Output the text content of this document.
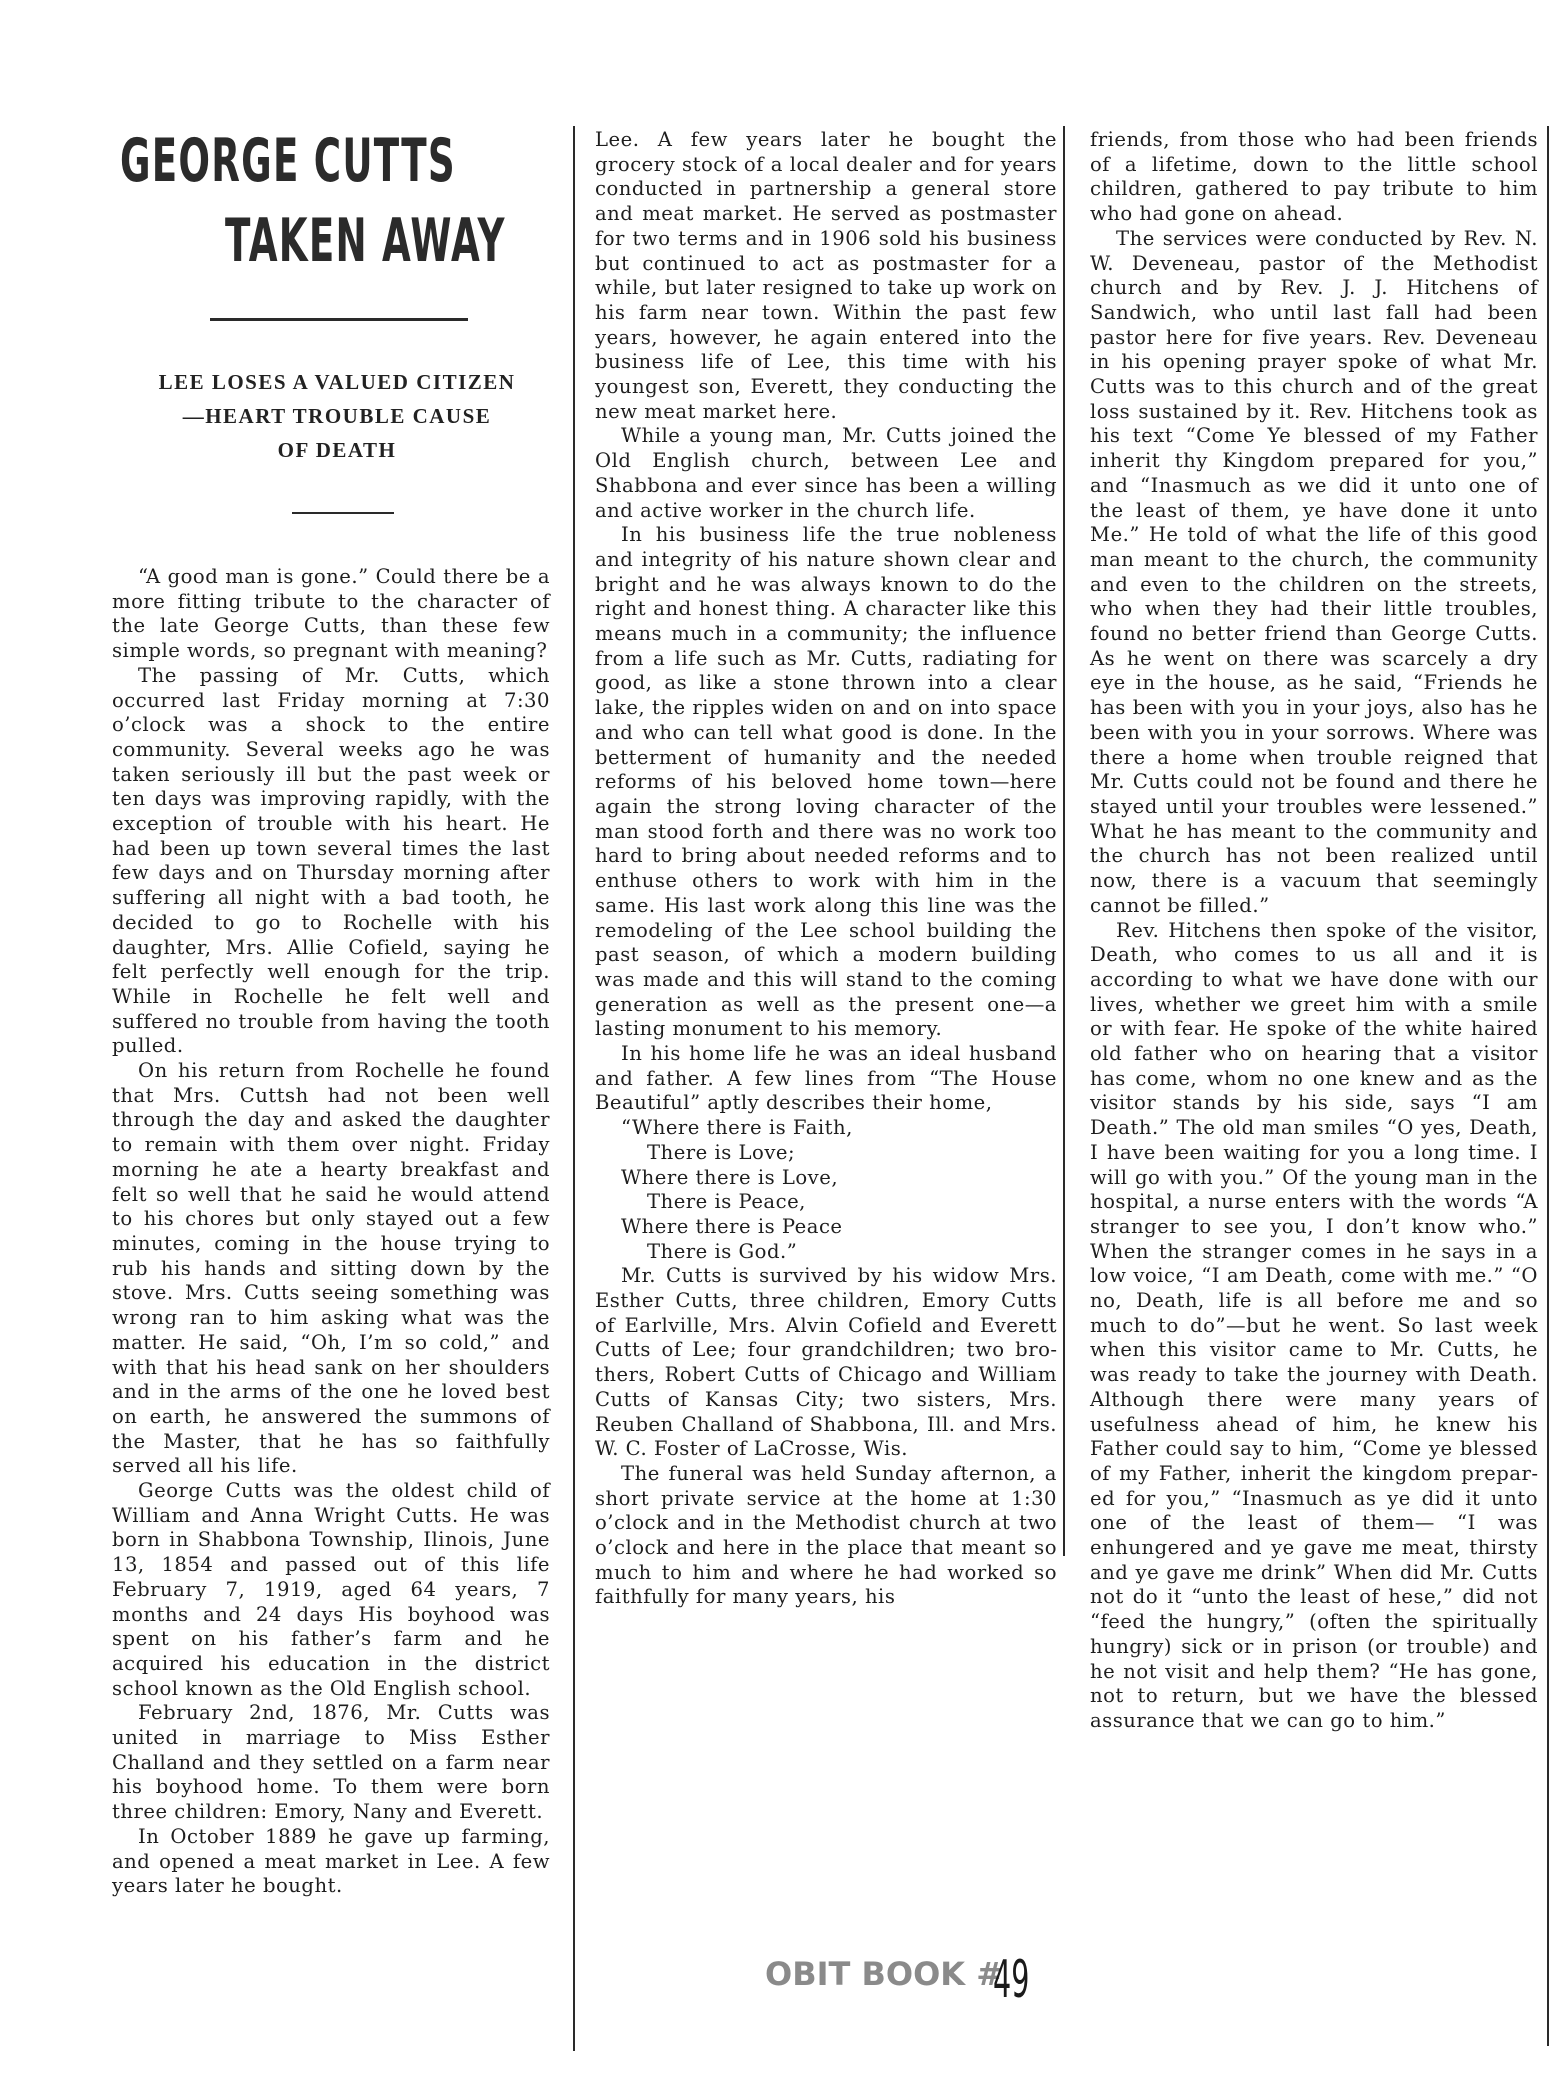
GEORGE CUTTS
TAKEN AWAY
LEE LOSES A VALUED CITIZEN
—HEART TROUBLE CAUSE
OF DEATH

“A good man is gone.” Could there be a more fitting tribute to the character of the late George Cutts, than these few simple words, so pregnant with meaning?

The passing of Mr. Cutts, which occurred last Friday morning at 7:30 o’clock was a shock to the entire community. Several weeks ago he was taken seriously ill but the past week or ten days was improving rapidly, with the exception of trouble with his heart. He had been up town several times the last few days and on Thursday morning after suffering all night with a bad tooth, he decided to go to Rochelle with his daughter, Mrs. Allie Cofield, saying he felt perfectly well enough for the trip. While in Rochelle he felt well and suffered no trouble from having the tooth pulled.

On his return from Rochelle he found that Mrs. Cuttsh had not been well through the day and asked the daughter to remain with them over night. Friday morning he ate a hearty breakfast and felt so well that he said he would attend to his chores but only stayed out a few minutes, coming in the house trying to rub his hands and sitting down by the stove. Mrs. Cutts seeing something was wrong ran to him asking what was the matter. He said, “Oh, I’m so cold,” and with that his head sank on her shoulders and in the arms of the one he loved best on earth, he answered the summons of the Master, that he has so faithfully served all his life.

George Cutts was the oldest child of William and Anna Wright Cutts. He was born in Shabbona Township, Ilinois, June 13, 1854 and passed out of this life February 7, 1919, aged 64 years, 7 months and 24 days His boyhood was spent on his father’s farm and he acquired his education in the district school known as the Old English school.

February 2nd, 1876, Mr. Cutts was united in marriage to Miss Esther Challand and they settled on a farm near his boyhood home. To them were born three children: Emory, Nany and Everett.

In October 1889 he gave up farming, and opened a meat market in Lee. A few years later he bought.

Lee. A few years later he bought the grocery stock of a local dealer and for years conducted in partnership a general store and meat market. He served as postmaster for two terms and in 1906 sold his business but continued to act as postmaster for a while, but later resigned to take up work on his farm near town. Within the past few years, however, he again entered into the business life of Lee, this time with his youngest son, Everett, they conducting the new meat market here.

While a young man, Mr. Cutts joined the Old English church, between Lee and Shabbona and ever since has been a willing and active worker in the church life.

In his business life the true nobleness and integrity of his nature shown clear and bright and he was always known to do the right and honest thing. A character like this means much in a community; the influence from a life such as Mr. Cutts, radiating for good, as like a stone thrown into a clear lake, the ripples widen on and on into space and who can tell what good is done. In the betterment of humanity and the needed reforms of his beloved home town—here again the strong loving character of the man stood forth and there was no work too hard to bring about needed reforms and to enthuse others to work with him in the same. His last work along this line was the remodeling of the Lee school building the past season, of which a modern building was made and this will stand to the coming generation as well as the present one—a lasting monument to his memory.

In his home life he was an ideal husband and father. A few lines from “The House Beautiful” aptly describes their home,

“Where there is Faith,
There is Love;
Where there is Love,
There is Peace,
Where there is Peace
There is God.”

Mr. Cutts is survived by his widow Mrs. Esther Cutts, three children, Emory Cutts of Earlville, Mrs. Alvin Cofield and Everett Cutts of Lee; four grandchildren; two brothers, Robert Cutts of Chicago and William Cutts of Kansas City; two sisters, Mrs. Reuben Challand of Shabbona, Ill. and Mrs. W. C. Foster of LaCrosse, Wis.

The funeral was held Sunday afternon, a short private service at the home at 1:30 o’clock and in the Methodist church at two o’clock and here in the place that meant so much to him and where he had worked so faithfully for many years, his

friends, from those who had been friends of a lifetime, down to the little school children, gathered to pay tribute to him who had gone on ahead.

The services were conducted by Rev. N. W. Deveneau, pastor of the Methodist church and by Rev. J. J. Hitchens of Sandwich, who until last fall had been pastor here for five years. Rev. Deveneau in his opening prayer spoke of what Mr. Cutts was to this church and of the great loss sustained by it. Rev. Hitchens took as his text “Come Ye blessed of my Father inherit thy Kingdom prepared for you,” and “Inasmuch as we did it unto one of the least of them, ye have done it unto Me.” He told of what the life of this good man meant to the church, the community and even to the children on the streets, who when they had their little troubles, found no better friend than George Cutts. As he went on there was scarcely a dry eye in the house, as he said, “Friends he has been with you in your joys, also has he been with you in your sorrows. Where was there a home when trouble reigned that Mr. Cutts could not be found and there he stayed until your troubles were lessened.” What he has meant to the community and the church has not been realized until now, there is a vacuum that seemingly cannot be filled.”

Rev. Hitchens then spoke of the visitor, Death, who comes to us all and it is according to what we have done with our lives, whether we greet him with a smile or with fear. He spoke of the white haired old father who on hearing that a visitor has come, whom no one knew and as the visitor stands by his side, says “I am Death.” The old man smiles “O yes, Death, I have been waiting for you a long time. I will go with you.” Of the young man in the hospital, a nurse enters with the words “A stranger to see you, I don’t know who.” When the stranger comes in he says in a low voice, “I am Death, come with me.” “O no, Death, life is all before me and so much to do”—but he went. So last week when this visitor came to Mr. Cutts, he was ready to take the journey with Death. Although there were many years of usefulness ahead of him, he knew his Father could say to him, “Come ye blessed of my Father, inherit the kingdom prepared for you,” “Inasmuch as ye did it unto one of the least of them— “I was enhungered and ye gave me meat, thirsty and ye gave me drink” When did Mr. Cutts not do it “unto the least of hese,” did not “feed the hungry,” (often the spiritually hungry) sick or in prison (or trouble) and he not visit and help them? “He has gone, not to return, but we have the blessed assurance that we can go to him.”

OBIT BOOK #
49
